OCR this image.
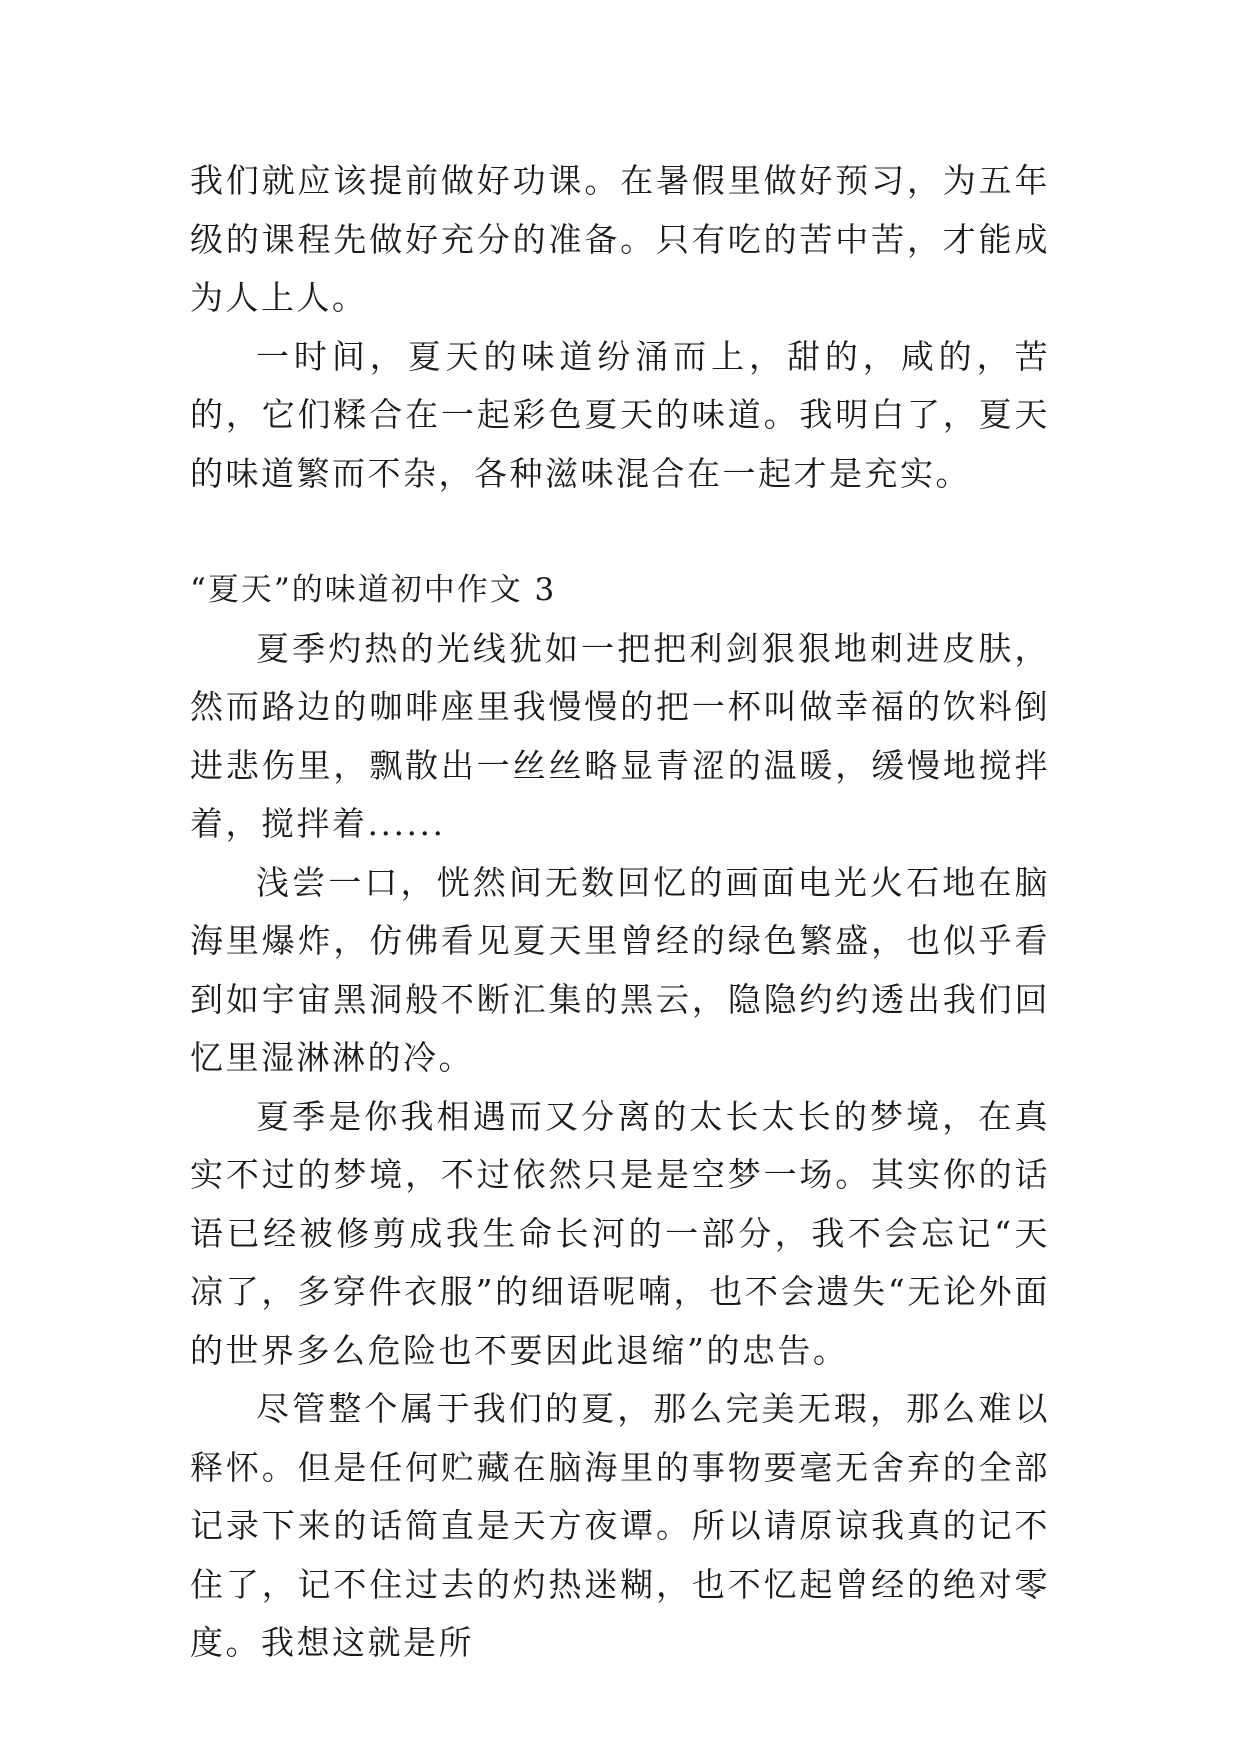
我们就应该提前做好功课。在暑假里做好预习，为五年级的课程先做好充分的准备。只有吃的苦中苦，才能成为人上人。

一时间，夏天的味道纷涌而上，甜的，咸的，苦的，它们糅合在一起彩色夏天的味道。我明白了，夏天的味道繁而不杂，各种滋味混合在一起才是充实。

“夏天”的味道初中作文 3

夏季灼热的光线犹如一把把利剑狠狠地刺进皮肤，然而路边的咖啡座里我慢慢的把一杯叫做幸福的饮料倒进悲伤里，飘散出一丝丝略显青涩的温暖，缓慢地搅拌着，搅拌着......

浅尝一口，恍然间无数回忆的画面电光火石地在脑海里爆炸，仿佛看见夏天里曾经的绿色繁盛，也似乎看到如宇宙黑洞般不断汇集的黑云，隐隐约约透出我们回忆里湿淋淋的冷。

夏季是你我相遇而又分离的太长太长的梦境，在真实不过的梦境，不过依然只是是空梦一场。其实你的话语已经被修剪成我生命长河的一部分，我不会忘记“天凉了，多穿件衣服”的细语呢喃，也不会遗失“无论外面的世界多么危险也不要因此退缩”的忠告。

尽管整个属于我们的夏，那么完美无瑕，那么难以释怀。但是任何贮藏在脑海里的事物要毫无舍弃的全部记录下来的话简直是天方夜谭。所以请原谅我真的记不住了，记不住过去的灼热迷糊，也不忆起曾经的绝对零度。我想这就是所
